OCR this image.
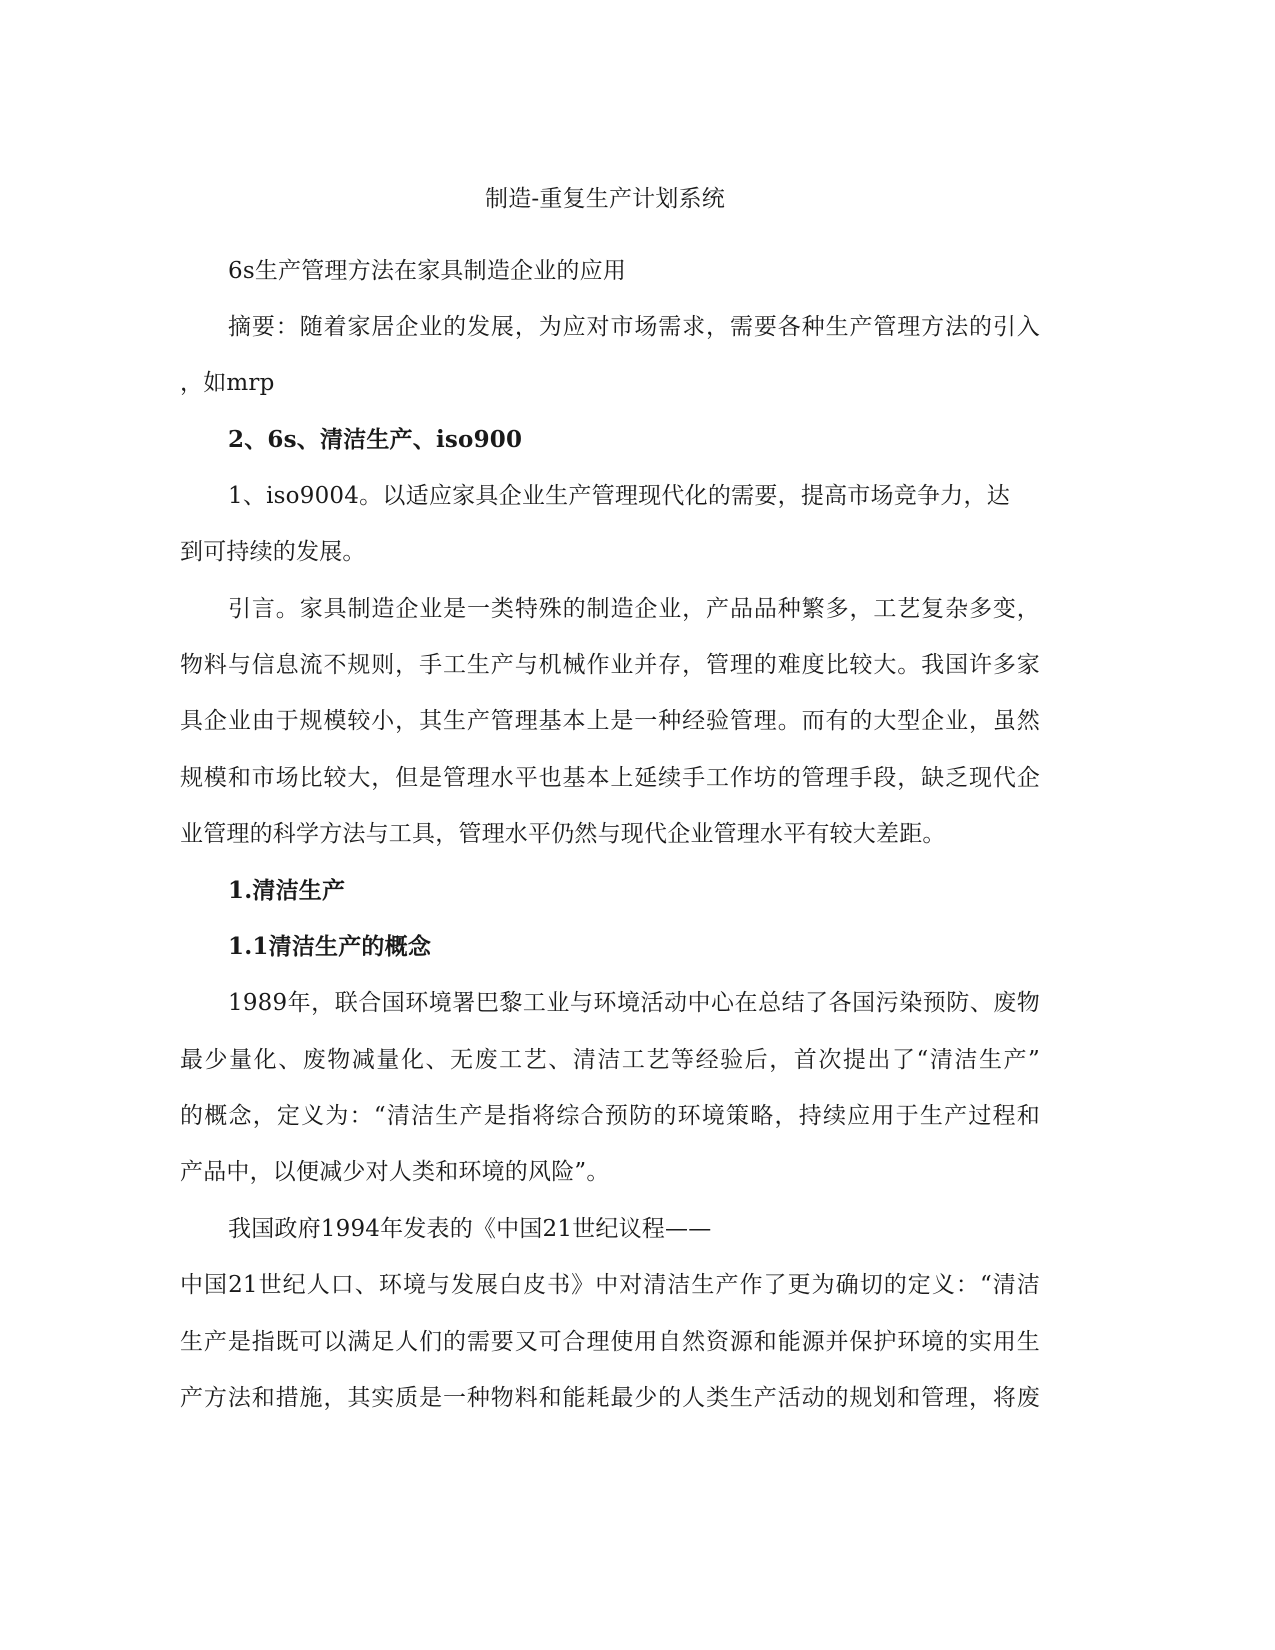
制造-重复生产计划系统
6s生产管理方法在家具制造企业的应用
摘要：随着家居企业的发展，为应对市场需求，需要各种生产管理方法的引入
，如mrp
2、6s、清洁生产、iso900
1、iso9004。以适应家具企业生产管理现代化的需要，提高市场竞争力，达
到可持续的发展。
引言。家具制造企业是一类特殊的制造企业，产品品种繁多，工艺复杂多变，
物料与信息流不规则，手工生产与机械作业并存，管理的难度比较大。我国许多家
具企业由于规模较小，其生产管理基本上是一种经验管理。而有的大型企业，虽然
规模和市场比较大，但是管理水平也基本上延续手工作坊的管理手段，缺乏现代企
业管理的科学方法与工具，管理水平仍然与现代企业管理水平有较大差距。
1.清洁生产
1.1清洁生产的概念
1989年，联合国环境署巴黎工业与环境活动中心在总结了各国污染预防、废物
最少量化、废物减量化、无废工艺、清洁工艺等经验后，首次提出了“清洁生产”
的概念，定义为：“清洁生产是指将综合预防的环境策略，持续应用于生产过程和
产品中，以便减少对人类和环境的风险”。
我国政府1994年发表的《中国21世纪议程——
中国21世纪人口、环境与发展白皮书》中对清洁生产作了更为确切的定义：“清洁
生产是指既可以满足人们的需要又可合理使用自然资源和能源并保护环境的实用生
产方法和措施，其实质是一种物料和能耗最少的人类生产活动的规划和管理，将废
